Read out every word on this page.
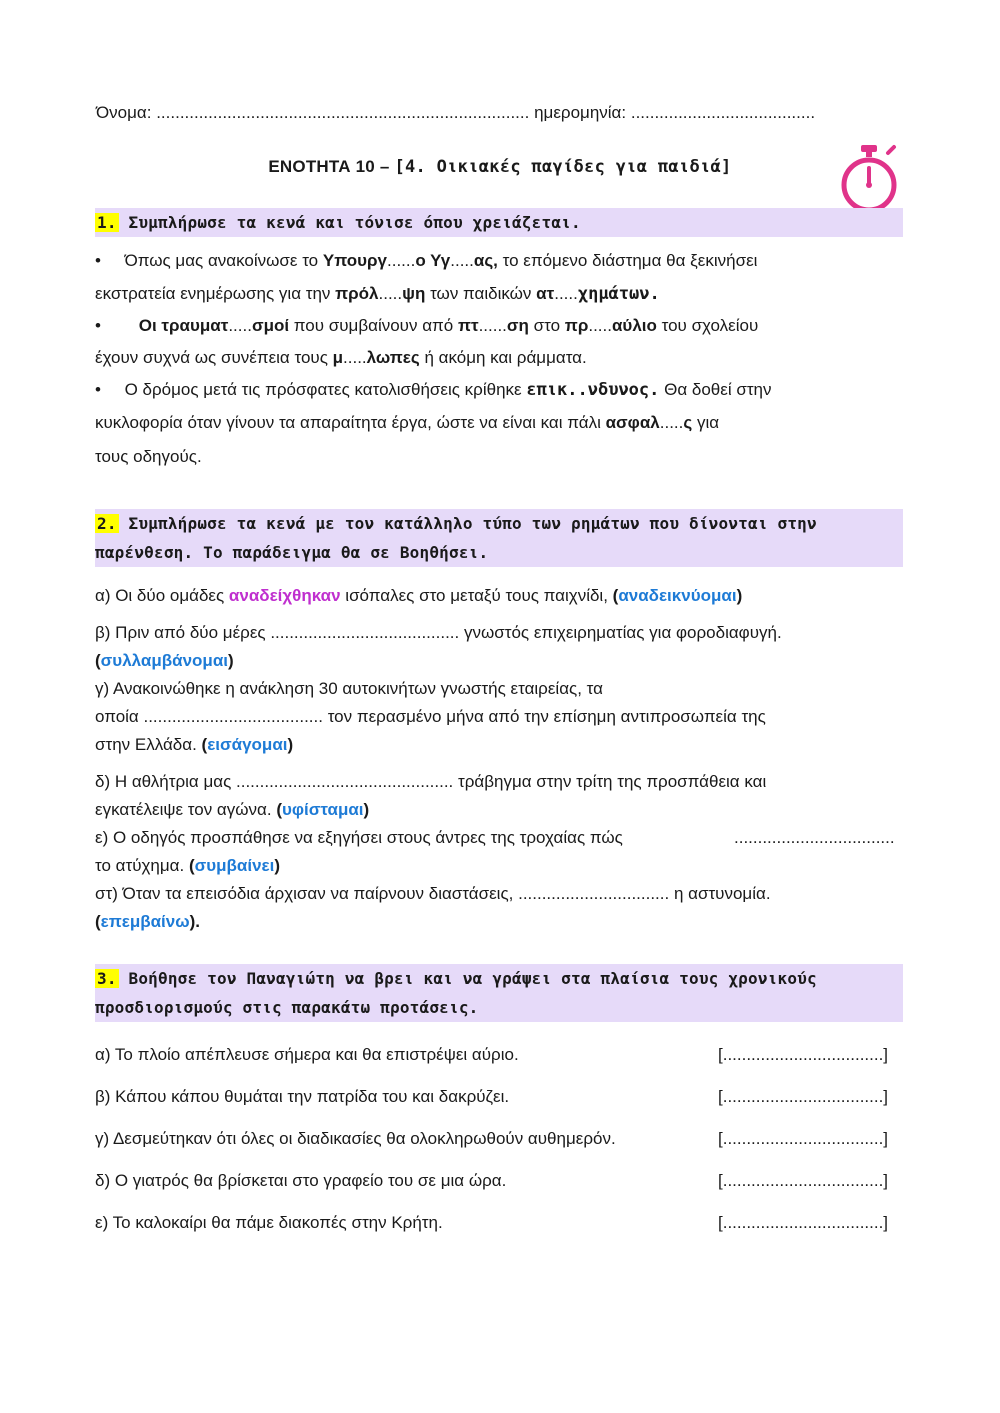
Όνομα: ............................................................................... ημερομηνία: .......................................
ΕΝΟΤΗΤΑ 10 – [4. Οικιακές παγίδες για παιδιά]
1. Συμπλήρωσε τα κενά και τόνισε όπου χρειάζεται.
• Όπως μας ανακοίνωσε το Υπουργ......ο Υγ.....ας, το επόμενο διάστημα θα ξεκινήσει
εκστρατεία ενημέρωσης για την πρόλ.....ψη των παιδικών ατ.....χημάτων.
• Οι τραυματ.....σμοί που συμβαίνουν από πτ......ση στο πρ.....αύλιο του σχολείου
έχουν συχνά ως συνέπεια τους μ.....λωπες ή ακόμη και ράμματα.
• Ο δρόμος μετά τις πρόσφατες κατολισθήσεις κρίθηκε επικ..νδυνος. Θα δοθεί στην
κυκλοφορία όταν γίνουν τα απαραίτητα έργα, ώστε να είναι και πάλι ασφαλ.....ς για
τους οδηγούς.
2. Συμπλήρωσε τα κενά με τον κατάλληλο τύπο των ρημάτων που δίνονται στην
παρένθεση. Το παράδειγμα θα σε Βοηθήσει.
α) Οι δύο ομάδες αναδείχθηκαν ισόπαλες στο μεταξύ τους παιχνίδι, (αναδεικνύομαι)
β) Πριν από δύο μέρες ........................................ γνωστός επιχειρηματίας για φοροδιαφυγή.
(συλλαμβάνομαι)
γ) Ανακοινώθηκε η ανάκληση 30 αυτοκινήτων γνωστής εταιρείας, τα
οποία ...................................... τον περασμένο μήνα από την επίσημη αντιπροσωπεία της
στην Ελλάδα. (εισάγομαι)
δ) Η αθλήτρια μας .............................................. τράβηγμα στην τρίτη της προσπάθεια και
εγκατέλειψε τον αγώνα. (υφίσταμαι)
ε) Ο οδηγός προσπάθησε να εξηγήσει στους άντρες της τροχαίας πώς	..................................
το ατύχημα. (συμβαίνει)
στ) Όταν τα επεισόδια άρχισαν να παίρνουν διαστάσεις, ................................ η αστυνομία.
(επεμβαίνω).
3. Βοήθησε τον Παναγιώτη να βρει και να γράψει στα πλαίσια τους χρονικούς
προσδιορισμούς στις παρακάτω προτάσεις.
α) Το πλοίο απέπλευσε σήμερα και θα επιστρέψει αύριο.	[..................................]
β) Κάπου κάπου θυμάται την πατρίδα του και δακρύζει.	[..................................]
γ) Δεσμεύτηκαν ότι όλες οι διαδικασίες θα ολοκληρωθούν αυθημερόν.	[..................................]
δ) Ο γιατρός θα βρίσκεται στο γραφείο του σε μια ώρα.	[..................................]
ε) Το καλοκαίρι θα πάμε διακοπές στην Κρήτη.	[..................................]
